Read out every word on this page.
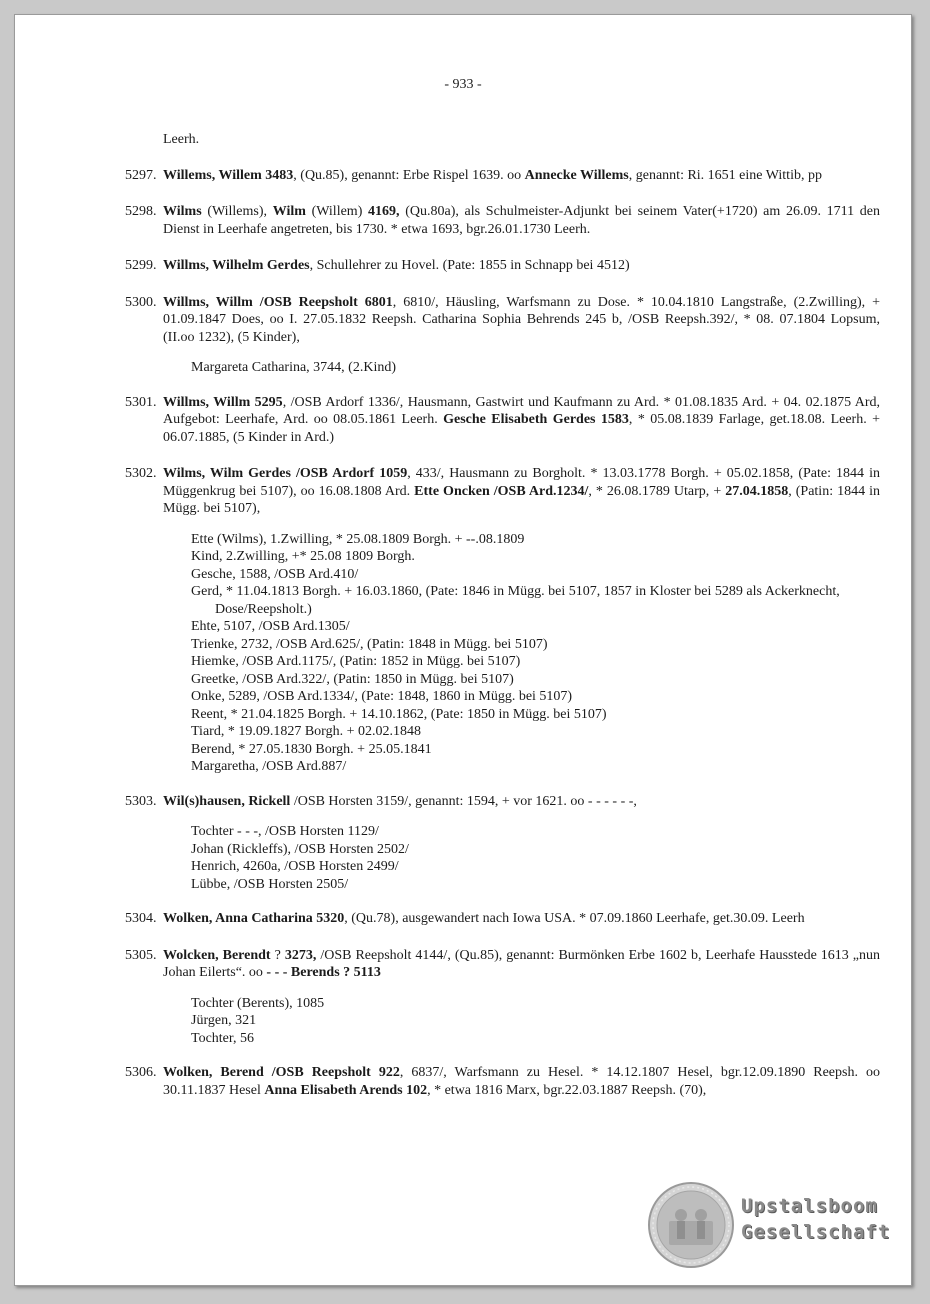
- 933 -
Leerh.
5297. Willems, Willem 3483, (Qu.85), genannt: Erbe Rispel 1639. oo Annecke Willems, genannt: Ri. 1651 eine Wittib, pp
5298. Wilms (Willems), Wilm (Willem) 4169, (Qu.80a), als Schulmeister-Adjunkt bei seinem Vater(+1720) am 26.09. 1711 den Dienst in Leerhafe angetreten, bis 1730. * etwa 1693, bgr.26.01.1730 Leerh.
5299. Willms, Wilhelm Gerdes, Schullehrer zu Hovel. (Pate: 1855 in Schnapp bei 4512)
5300. Willms, Willm /OSB Reepsholt 6801, 6810/, Häusling, Warfsmann zu Dose. * 10.04.1810 Langstraße, (2.Zwilling), + 01.09.1847 Does, oo I. 27.05.1832 Reepsh. Catharina Sophia Behrends 245 b, /OSB Reepsh.392/, * 08. 07.1804 Lopsum, (II.oo 1232), (5 Kinder),
Margareta Catharina, 3744, (2.Kind)
5301. Willms, Willm 5295, /OSB Ardorf 1336/, Hausmann, Gastwirt und Kaufmann zu Ard. * 01.08.1835 Ard. + 04. 02.1875 Ard, Aufgebot: Leerhafe, Ard. oo 08.05.1861 Leerh. Gesche Elisabeth Gerdes 1583, * 05.08.1839 Farlage, get.18.08. Leerh. + 06.07.1885, (5 Kinder in Ard.)
5302. Wilms, Wilm Gerdes /OSB Ardorf 1059, 433/, Hausmann zu Borgholt. * 13.03.1778 Borgh. + 05.02.1858, (Pate: 1844 in Müggenkrug bei 5107), oo 16.08.1808 Ard. Ette Oncken /OSB Ard.1234/, * 26.08.1789 Utarp, + 27.04.1858, (Patin: 1844 in Mügg. bei 5107),
Ette (Wilms), 1.Zwilling, * 25.08.1809 Borgh. + --.08.1809
Kind, 2.Zwilling, +* 25.08 1809 Borgh.
Gesche, 1588, /OSB Ard.410/
Gerd, * 11.04.1813 Borgh. + 16.03.1860, (Pate: 1846 in Mügg. bei 5107, 1857 in Kloster bei 5289 als Ackerknecht, Dose/Reepsholt.)
Ehte, 5107, /OSB Ard.1305/
Trienke, 2732, /OSB Ard.625/, (Patin: 1848 in Mügg. bei 5107)
Hiemke, /OSB Ard.1175/, (Patin: 1852 in Mügg. bei 5107)
Greetke, /OSB Ard.322/, (Patin: 1850 in Mügg. bei 5107)
Onke, 5289, /OSB Ard.1334/, (Pate: 1848, 1860 in Mügg. bei 5107)
Reent, * 21.04.1825 Borgh. + 14.10.1862, (Pate: 1850 in Mügg. bei 5107)
Tiard, * 19.09.1827 Borgh. + 02.02.1848
Berend, * 27.05.1830 Borgh. + 25.05.1841
Margaretha, /OSB Ard.887/
5303. Wil(s)hausen, Rickell /OSB Horsten 3159/, genannt: 1594, + vor 1621. oo - - - - - -,
Tochter - - -, /OSB Horsten 1129/
Johan (Rickleffs), /OSB Horsten 2502/
Henrich, 4260a, /OSB Horsten 2499/
Lübbe, /OSB Horsten 2505/
5304. Wolken, Anna Catharina 5320, (Qu.78), ausgewandert nach Iowa USA. * 07.09.1860 Leerhafe, get.30.09. Leerh
5305. Wolcken, Berendt ? 3273, /OSB Reepsholt 4144/, (Qu.85), genannt: Burmönken Erbe 1602 b, Leerhafe Hausstede 1613 „nun Johan Eilerts“. oo - - - Berends ? 5113
Tochter (Berents), 1085
Jürgen, 321
Tochter, 56
5306. Wolken, Berend /OSB Reepsholt 922, 6837/, Warfsmann zu Hesel. * 14.12.1807 Hesel, bgr.12.09.1890 Reepsh. oo 30.11.1837 Hesel Anna Elisabeth Arends 102, * etwa 1816 Marx, bgr.22.03.1887 Reepsh. (70),
Upstalsboom
Gesellschaft
